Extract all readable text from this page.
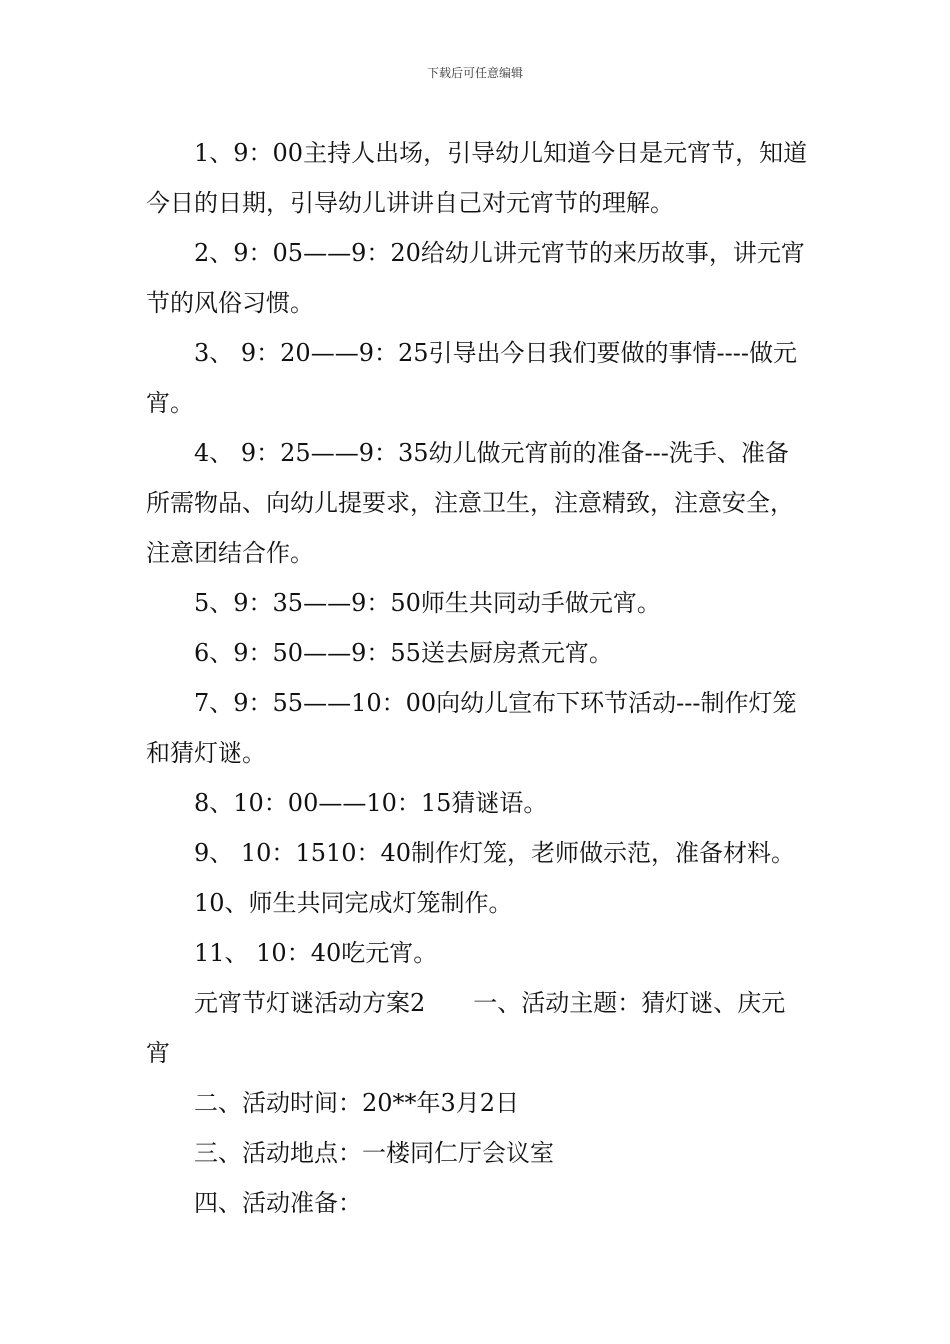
下载后可任意编辑

1、9：00主持人出场，引导幼儿知道今日是元宵节，知道今日的日期，引导幼儿讲讲自己对元宵节的理解。

2、9：05——9：20给幼儿讲元宵节的来历故事，讲元宵节的风俗习惯。

3、 9：20——9：25引导出今日我们要做的事情----做元宵。

4、 9：25——9：35幼儿做元宵前的准备---洗手、准备所需物品、向幼儿提要求，注意卫生，注意精致，注意安全，注意团结合作。

5、9：35——9：50师生共同动手做元宵。

6、9：50——9：55送去厨房煮元宵。

7、9：55——10：00向幼儿宣布下环节活动---制作灯笼和猜灯谜。

8、10：00——10：15猜谜语。

9、 10：1510：40制作灯笼，老师做示范，准备材料。

10、师生共同完成灯笼制作。

11、 10：40吃元宵。

元宵节灯谜活动方案2　　一、活动主题：猜灯谜、庆元宵

二、活动时间：20**年3月2日

三、活动地点：一楼同仁厅会议室

四、活动准备：
